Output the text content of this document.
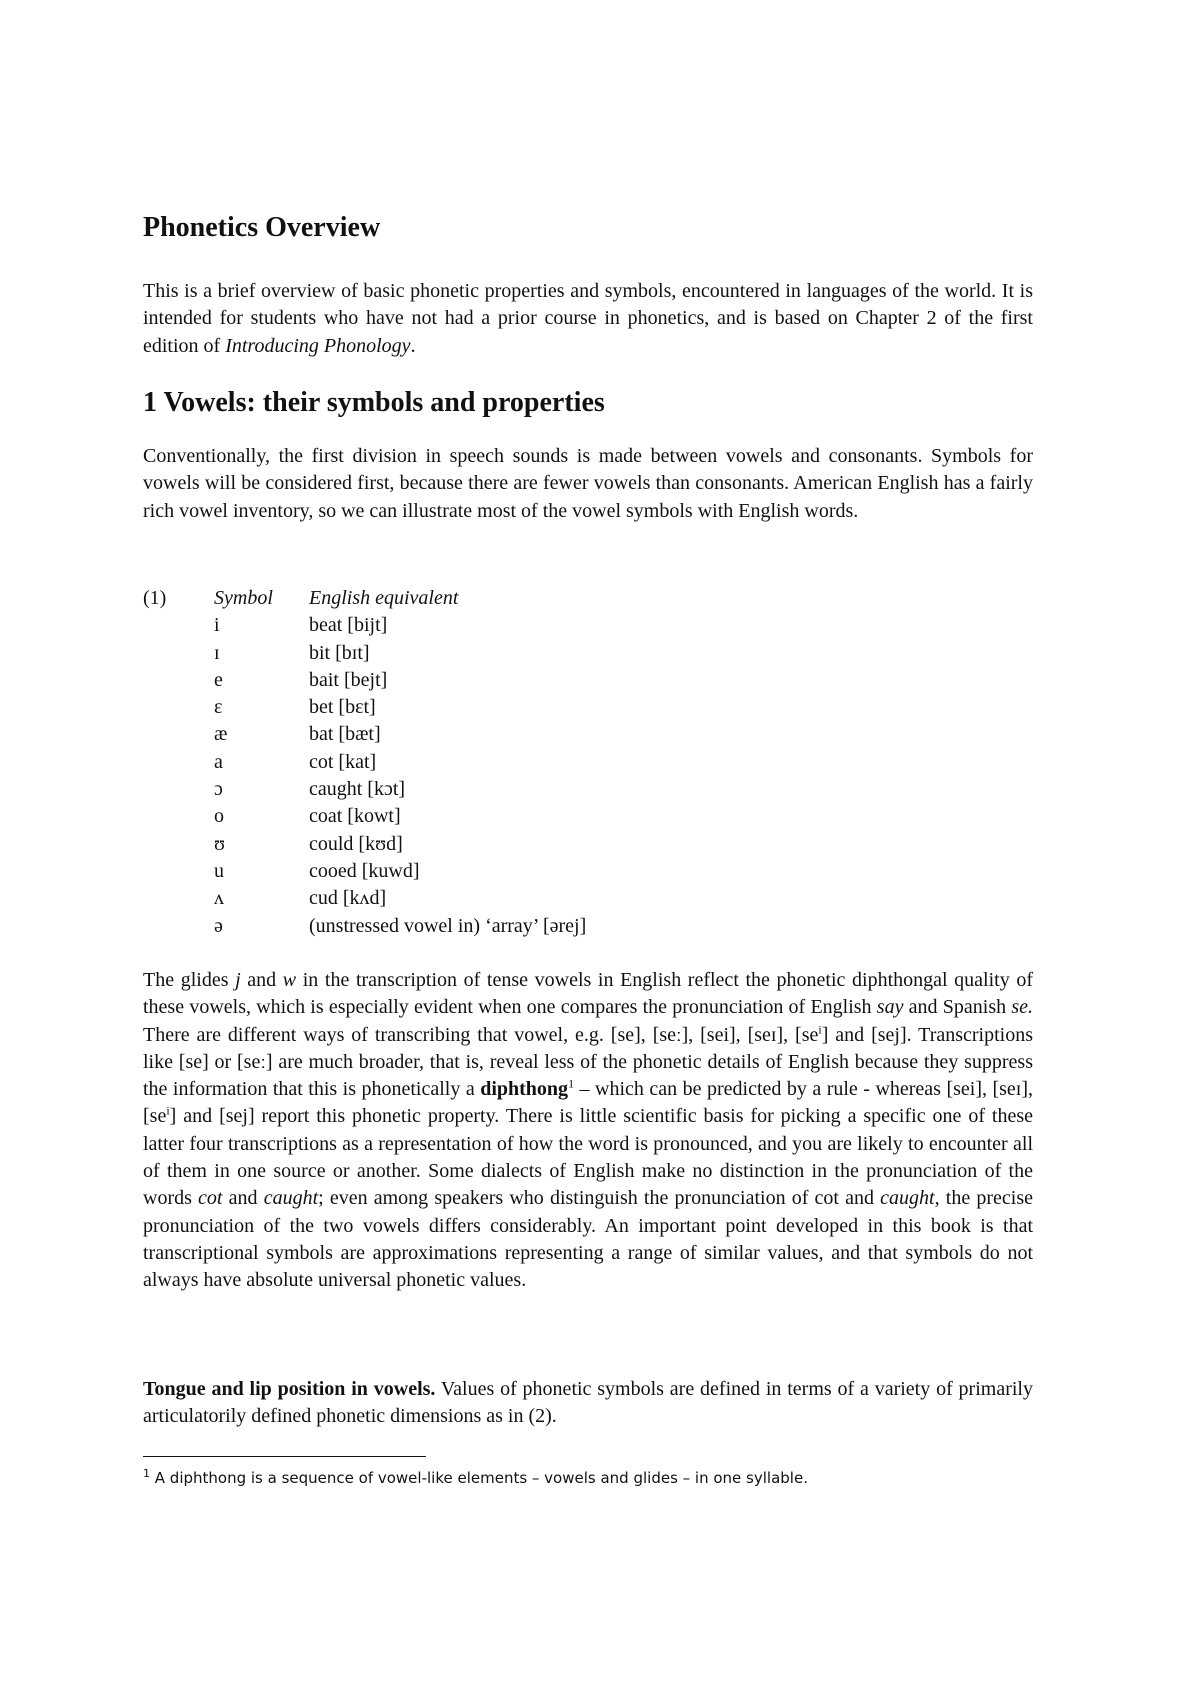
Phonetics Overview

This is a brief overview of basic phonetic properties and symbols, encountered in languages of the world. It is intended for students who have not had a prior course in phonetics, and is based on Chapter 2 of the first edition of Introducing Phonology.

1 Vowels: their symbols and properties

Conventionally, the first division in speech sounds is made between vowels and consonants. Symbols for vowels will be considered first, because there are fewer vowels than consonants. American English has a fairly rich vowel inventory, so we can illustrate most of the vowel symbols with English words.

(1) Symbol English equivalent
i	beat [bijt]
ɪ	bit [bɪt]
e	bait [bejt]
ɛ	bet [bɛt]
æ	bat [bæt]
a	cot [kat]
ɔ	caught [kɔt]
o	coat [kowt]
ʊ	could [kʊd]
u	cooed [kuwd]
ʌ	cud [kʌd]
ə	(unstressed vowel in) ‘array’ [ərej]

The glides j and w in the transcription of tense vowels in English reflect the phonetic diphthongal quality of these vowels, which is especially evident when one compares the pronunciation of English say and Spanish se. There are different ways of transcribing that vowel, e.g. [se], [seː], [sei], [seɪ], $[se^i]$ and [sej]. Transcriptions like [se] or [seː] are much broader, that is, reveal less of the phonetic details of English because they suppress the information that this is phonetically a diphthong$^1$ – which can be predicted by a rule - whereas [sei], [seɪ], $[se^i]$ and [sej] report this phonetic property. There is little scientific basis for picking a specific one of these latter four transcriptions as a representation of how the word is pronounced, and you are likely to encounter all of them in one source or another. Some dialects of English make no distinction in the pronunciation of the words cot and caught; even among speakers who distinguish the pronunciation of cot and caught, the precise pronunciation of the two vowels differs considerably. An important point developed in this book is that transcriptional symbols are approximations representing a range of similar values, and that symbols do not always have absolute universal phonetic values.

Tongue and lip position in vowels. Values of phonetic symbols are defined in terms of a variety of primarily articulatorily defined phonetic dimensions as in (2).

$^1$ A diphthong is a sequence of vowel-like elements – vowels and glides – in one syllable.
